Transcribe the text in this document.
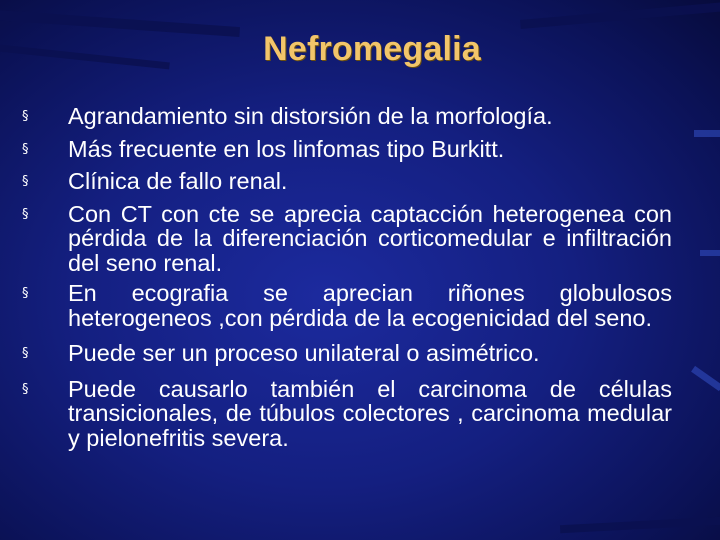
Nefromegalia
§ Agrandamiento sin distorsión de la morfología.
§ Más frecuente en los linfomas tipo Burkitt.
§ Clínica de fallo renal.
§ Con CT con cte se aprecia captacción heterogenea con pérdida de la diferenciación corticomedular e infiltración del seno renal.
§ En ecografia se aprecian riñones globulosos heterogeneos ,con pérdida de la ecogenicidad del seno.
§ Puede ser un proceso unilateral o asimétrico.
§ Puede causarlo también el carcinoma de células transicionales, de túbulos colectores , carcinoma medular y pielonefritis severa.
